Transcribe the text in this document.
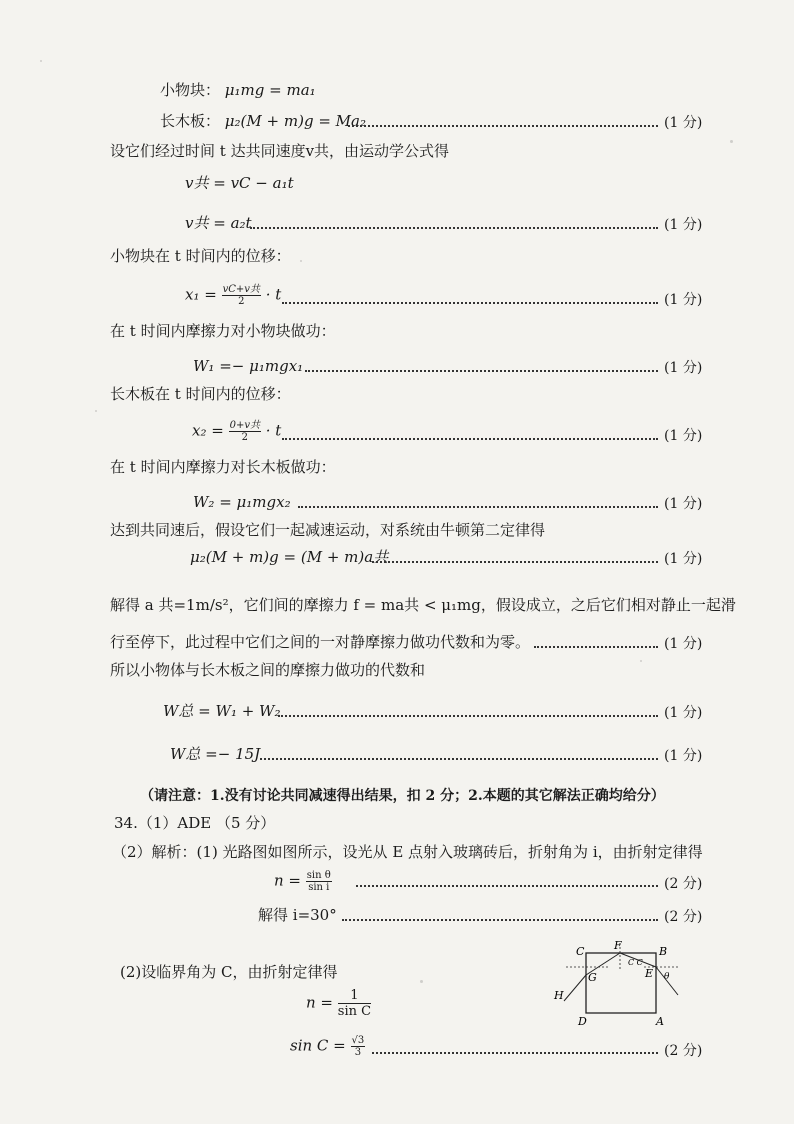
小物块： μ₁mg = ma₁
长木板： μ₂(M + m)g = Ma₂	(1 分)
设它们经过时间 t 达共同速度v共，由运动学公式得
v共 = vC − a₁t
v共 = a₂t	(1 分)
小物块在 t 时间内的位移：
$x_1 = \frac{\text{vC+v共}}{2} \cdot t$	(1 分)
在 t 时间内摩擦力对小物块做功：
W₁ =− μ₁mgx₁	(1 分)
长木板在 t 时间内的位移：
$x_2 = \frac{\text{0+v共}}{2} \cdot t$	(1 分)
在 t 时间内摩擦力对长木板做功：
W₂ = μ₁mgx₂	(1 分)
达到共同速后，假设它们一起减速运动，对系统由牛顿第二定律得
μ₂(M + m)g = (M + m)a共	(1 分)
解得 a 共=1m/s²，它们间的摩擦力 f = ma共 < μ₁mg，假设成立，之后它们相对静止一起滑
行至停下，此过程中它们之间的一对静摩擦力做功代数和为零。	(1 分)
所以小物体与长木板之间的摩擦力做功的代数和
W总 = W₁ + W₂	(1 分)
W总 =− 15J	(1 分)
（请注意：1.没有讨论共同减速得出结果，扣 2 分；2.本题的其它解法正确均给分）
34.（1）ADE （5 分）
（2）解析：(1) 光路图如图所示，设光从 E 点射入玻璃砖后，折射角为 i，由折射定律得
$n = \frac{\text{sin θ}}{\text{sin i}}$	(2 分)
解得 i=30°	(2 分)
(2)设临界角为 C，由折射定律得
$n = \frac{1}{\text{sin C}}$
$\sin C = \frac{√3}{3}$	(2 分)
C	F	B
G	E
H
D	A
θ
C C
